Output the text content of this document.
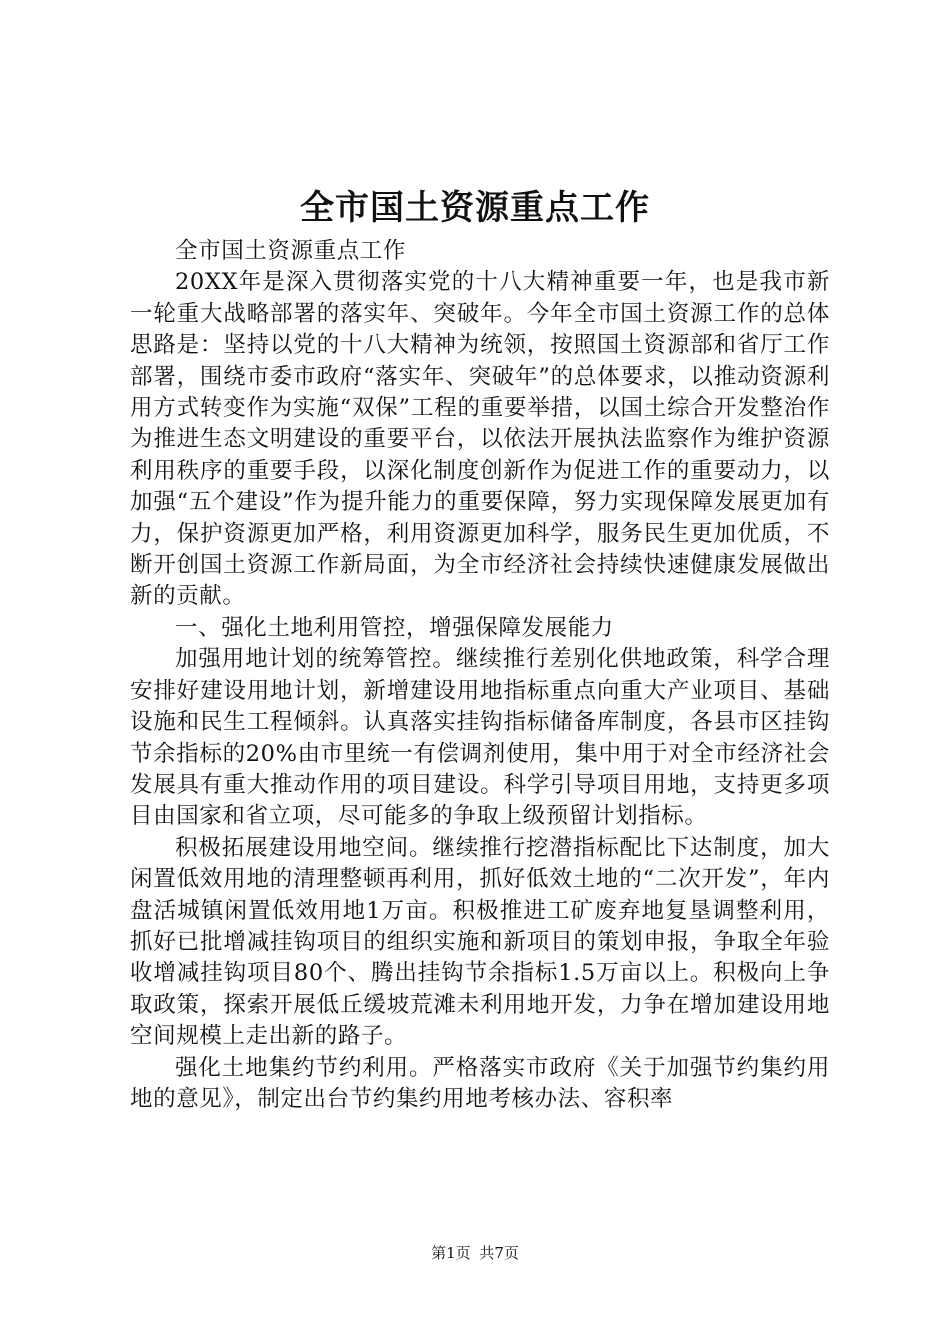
全市国土资源重点工作

全市国土资源重点工作

20XX年是深入贯彻落实党的十八大精神重要一年，也是我市新一轮重大战略部署的落实年、突破年。今年全市国土资源工作的总体思路是：坚持以党的十八大精神为统领，按照国土资源部和省厅工作部署，围绕市委市政府“落实年、突破年”的总体要求，以推动资源利用方式转变作为实施“双保”工程的重要举措，以国土综合开发整治作为推进生态文明建设的重要平台，以依法开展执法监察作为维护资源利用秩序的重要手段，以深化制度创新作为促进工作的重要动力，以加强“五个建设”作为提升能力的重要保障，努力实现保障发展更加有力，保护资源更加严格，利用资源更加科学，服务民生更加优质，不断开创国土资源工作新局面，为全市经济社会持续快速健康发展做出新的贡献。

一、强化土地利用管控，增强保障发展能力

加强用地计划的统筹管控。继续推行差别化供地政策，科学合理安排好建设用地计划，新增建设用地指标重点向重大产业项目、基础设施和民生工程倾斜。认真落实挂钩指标储备库制度，各县市区挂钩节余指标的20%由市里统一有偿调剂使用，集中用于对全市经济社会发展具有重大推动作用的项目建设。科学引导项目用地，支持更多项目由国家和省立项，尽可能多的争取上级预留计划指标。

积极拓展建设用地空间。继续推行挖潜指标配比下达制度，加大闲置低效用地的清理整顿再利用，抓好低效土地的“二次开发”，年内盘活城镇闲置低效用地1万亩。积极推进工矿废弃地复垦调整利用，抓好已批增减挂钩项目的组织实施和新项目的策划申报，争取全年验收增减挂钩项目80个、腾出挂钩节余指标1.5万亩以上。积极向上争取政策，探索开展低丘缓坡荒滩未利用地开发，力争在增加建设用地空间规模上走出新的路子。

强化土地集约节约利用。严格落实市政府《关于加强节约集约用地的意见》，制定出台节约集约用地考核办法、容积率

第1页 共7页
